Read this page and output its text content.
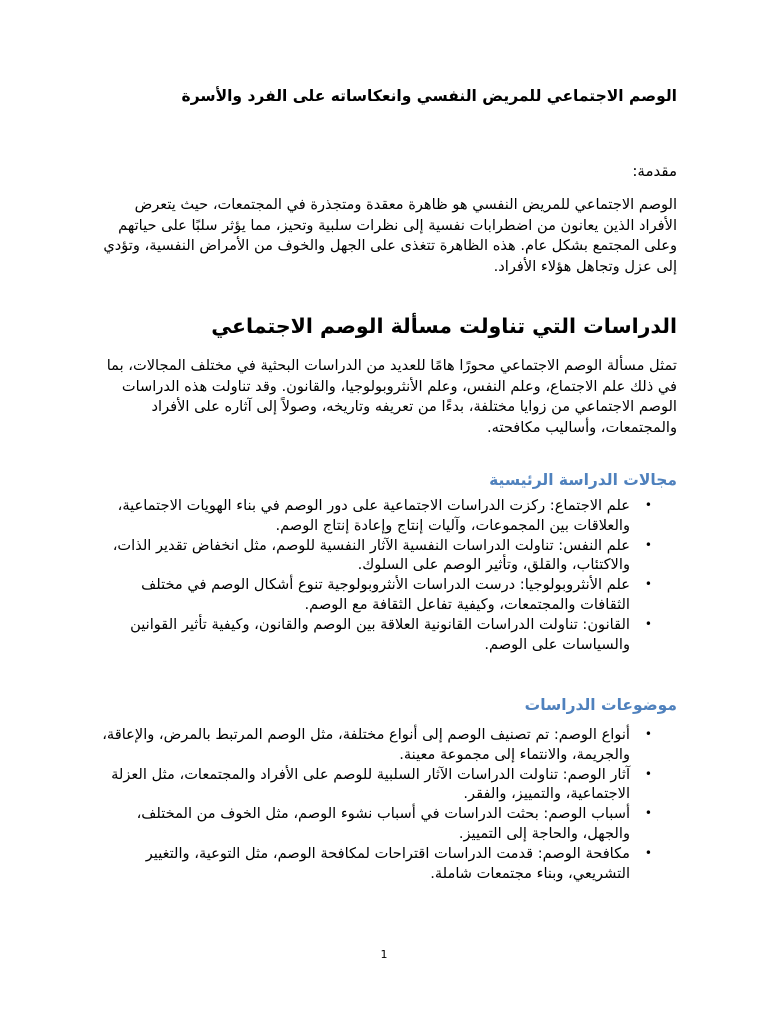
الوصم الاجتماعي للمريض النفسي وانعكاساته على الفرد والأسرة

مقدمة:

الوصم الاجتماعي للمريض النفسي هو ظاهرة معقدة ومتجذرة في المجتمعات، حيث يتعرض الأفراد الذين يعانون من اضطرابات نفسية إلى نظرات سلبية وتحيز، مما يؤثر سلبًا على حياتهم وعلى المجتمع بشكل عام. هذه الظاهرة تتغذى على الجهل والخوف من الأمراض النفسية، وتؤدي إلى عزل وتجاهل هؤلاء الأفراد.

الدراسات التي تناولت مسألة الوصم الاجتماعي

تمثل مسألة الوصم الاجتماعي محورًا هامًا للعديد من الدراسات البحثية في مختلف المجالات، بما في ذلك علم الاجتماع، وعلم النفس، وعلم الأنثروبولوجيا، والقانون. وقد تناولت هذه الدراسات الوصم الاجتماعي من زوايا مختلفة، بدءًا من تعريفه وتاريخه، وصولاً إلى آثاره على الأفراد والمجتمعات، وأساليب مكافحته.

مجالات الدراسة الرئيسية
•
علم الاجتماع: ركزت الدراسات الاجتماعية على دور الوصم في بناء الهويات الاجتماعية، والعلاقات بين المجموعات، وآليات إنتاج وإعادة إنتاج الوصم.
•
علم النفس: تناولت الدراسات النفسية الآثار النفسية للوصم، مثل انخفاض تقدير الذات، والاكتئاب، والقلق، وتأثير الوصم على السلوك.
•
علم الأنثروبولوجيا: درست الدراسات الأنثروبولوجية تنوع أشكال الوصم في مختلف الثقافات والمجتمعات، وكيفية تفاعل الثقافة مع الوصم.
•
القانون: تناولت الدراسات القانونية العلاقة بين الوصم والقانون، وكيفية تأثير القوانين والسياسات على الوصم.
موضوعات الدراسات
•
أنواع الوصم: تم تصنيف الوصم إلى أنواع مختلفة، مثل الوصم المرتبط بالمرض، والإعاقة، والجريمة، والانتماء إلى مجموعة معينة.
•
آثار الوصم: تناولت الدراسات الآثار السلبية للوصم على الأفراد والمجتمعات، مثل العزلة الاجتماعية، والتمييز، والفقر.
•
أسباب الوصم: بحثت الدراسات في أسباب نشوء الوصم، مثل الخوف من المختلف، والجهل، والحاجة إلى التمييز.
•
مكافحة الوصم: قدمت الدراسات اقتراحات لمكافحة الوصم، مثل التوعية، والتغيير التشريعي، وبناء مجتمعات شاملة.
1
